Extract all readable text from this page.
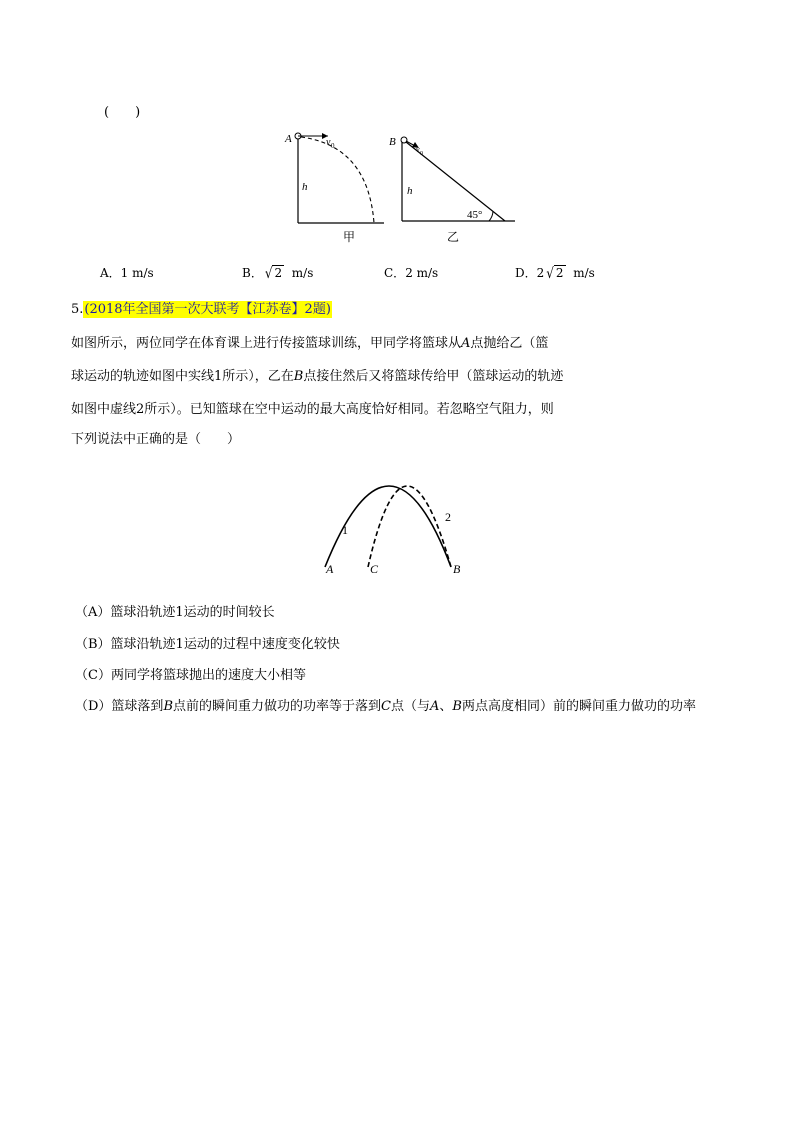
(　　)
A	v 0
h
甲
B
v 0
h
45°
乙
A．1 m/s	B． √ 2 m/s	C．2 m/s	D．2 √ 2 m/s
5.(2018年全国第一次大联考【江苏卷】2题)
如图所示，两位同学在体育课上进行传接篮球训练，甲同学将篮球从A点抛给乙（篮
球运动的轨迹如图中实线1所示），乙在B点接住然后又将篮球传给甲（篮球运动的轨迹
如图中虚线2所示）。已知篮球在空中运动的最大高度恰好相同。若忽略空气阻力，则
下列说法中正确的是（　　）
1
2
A	C	B
（A）篮球沿轨迹1运动的时间较长
（B）篮球沿轨迹1运动的过程中速度变化较快
（C）两同学将篮球抛出的速度大小相等
（D）篮球落到B点前的瞬间重力做功的功率等于落到C点（与A、B两点高度相同）前的瞬间重力做功的功率
